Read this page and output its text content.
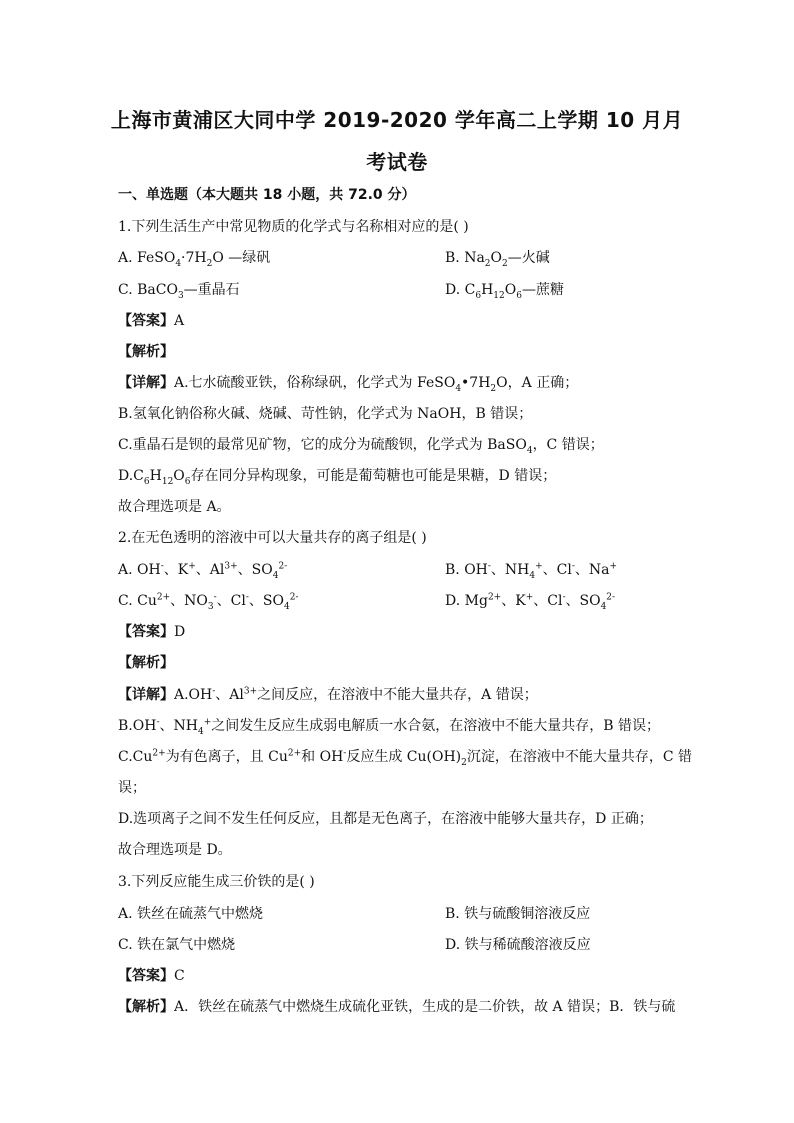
上海市黄浦区大同中学 2019-2020 学年高二上学期 10 月月
考试卷
一、单选题（本大题共 18 小题，共 72.0 分）
1.下列生活生产中常见物质的化学式与名称相对应的是( )
A. $FeSO_4\cdot 7H_2O$ —绿矾	B. $Na_2O_2—$火碱
C. BaCO$_3$—重晶石	D. $C_6H_{12}O_6—$蔗糖
【答案】A
【解析】
【详解】A.七水硫酸亚铁，俗称绿矾，化学式为 $FeSO_4•7H_2O$，A 正确；
B.氢氧化钠俗称火碱、烧碱、苛性钠，化学式为 NaOH，B 错误；
C.重晶石是钡的最常见矿物，它的成分为硫酸钡，化学式为 BaSO$_4$，C 错误；
$D.C_6H_{12}O_6$存在同分异构现象，可能是葡萄糖也可能是果糖，D 错误；
故合理选项是 A。
2.在无色透明的溶液中可以大量共存的离子组是( )
A. OH-、K+、$Al^{3+}$、$SO_4^{2-}$	B. OH-、$NH_4^+$、Cl-、Na+
C. $Cu^{2+}$、$NO_3^-$、Cl-、$SO_4^{2-}$	D. $Mg^{2+}$、K+、Cl-、$SO_4^{2-}$
【答案】D
【解析】
【详解】A.OH-、$Al^{3+}$之间反应，在溶液中不能大量共存，A 错误；
B.OH-、$NH_4^+$之间发生反应生成弱电解质一水合氨，在溶液中不能大量共存，B 错误；
$C.Cu^{2+}$为有色离子，且 $Cu^{2+}$和 OH-反应生成 $Cu(OH)_2$沉淀，在溶液中不能大量共存，C 错
误；
D.选项离子之间不发生任何反应，且都是无色离子，在溶液中能够大量共存，D 正确；
故合理选项是 D。
3.下列反应能生成三价铁的是( )
A. 铁丝在硫蒸气中燃烧	B. 铁与硫酸铜溶液反应
C. 铁在氯气中燃烧	D. 铁与稀硫酸溶液反应
【答案】C
【解析】A．铁丝在硫蒸气中燃烧生成硫化亚铁，生成的是二价铁，故 A 错误；B．铁与硫
